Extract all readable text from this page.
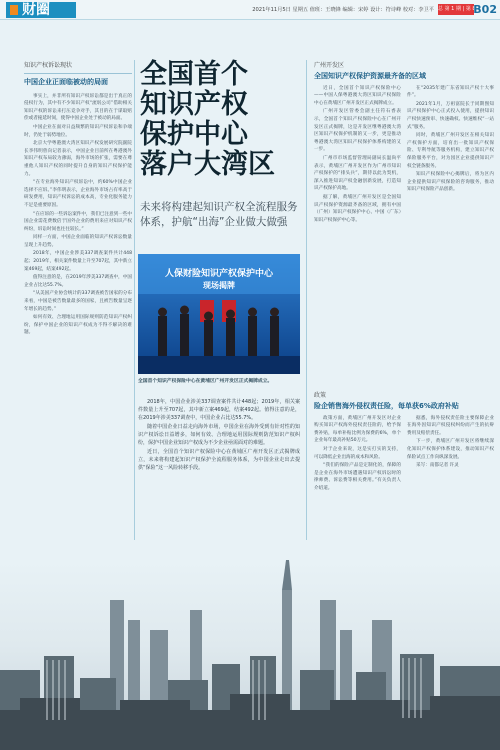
财圈	2021年11月5日 星期五 值班：王晓锋 编辑：宋婷 设计：符诗峰 校对：李卫平 总 第 1 期 | 第 8 版
B02
知识产权诉讼现状
中国企业正面临被动的局面

事实上，并非所有知识产权诉讼都是出于真正的侵权行为，其中有不少知识产权“流氓公司”借助相关知识产权的诉讼来打压竞争对手，其目的在于谋取赔偿或者拖延时间，使得中国企业处于被动的局面。

中国企业在面对日益频繁的知识产权诉讼和争端时，仍处于弱势地位。

北京大学粤港澳大湾区知识产权发展研究院副院长李伟明曾向记者表示，中国企业目前所在粤港澳外知识产权布局较为薄弱，海外市场的扩张，需要在尊重他人知识产权的同时提升自身的知识产权保护能力。

“在专业海外知识产权诉讼中，约60%中国企业选择不应诉。”李伟明表示，企业海外市场占有率高于研发费用，知识产权诉讼的成本高，专业化服务能力不足是重要原因。

“在应诉的一些诉讼案件中，我们已注意到一些中国企业需花费数倍于国外企业的费用来应对知识产权纠纷，诉讼时间也往往较长。”

同样一方面，中国企业面临的知识产权诉讼数量呈现上升趋势。

2018年，中国企业涉美337调查案件共计448起；2019年，相关案件数量上升至707起，其中新立案469起，结案492起。

值得注意的是，在2019年涉美337调查中，中国企业占比达55.7%。

“从美国产业协会统计的337调查被告国家的分布来看，中国是被告数量最多的国家，且被告数量呈逐年增长的趋势。”

如何有效、合理地运用国际规则防范知识产权纠纷，保护中国企业的知识产权成为不得不解决的难题。

全国首个
知识产权
保护中心
落户大湾区
未来将构建起知识产权全流程服务体系，护航“出海”企业做大做强
人保财险知识产权保护中心
现场揭牌
全国首个知识产权保险中心在黄埔区广州开发区正式揭牌成立。

2018年，中国企业涉美337调查案件共计448起；2019年，相关案件数量上升至707起，其中新立案469起，结案492起。值得注意的是，在2019年涉美337调查中，中国企业占比达55.7%。

随着中国企业日益走向海外市场，中国企业在海外受到有针对性的知识产权诉讼日益增多，如何有效、合理地运用国际规则防范知识产权纠纷，保护中国企业知识产权成为不少企业亟需面对的难题。

近日，全国首个知识产权保险中心在黄埔区广州开发区正式揭牌成立，未来将构建起知识产权保护全流程服务体系，为中国企业走出去提供“保险”这一风险转移手段。

广州开发区
全国知识产权保护资源最齐备的区域

近日，全国首个知识产权保险中心——中国人保粤港澳大湾区知识产权保险中心在黄埔区广州开发区正式揭牌成立。

广州开发区管委会副主任符石香表示，全国首个知识产权保险中心在广州开发区正式揭牌，这是开发区继粤港澳大湾区知识产权保护机制的又一步，更是推动粤港澳大湾区知识产权保护体系构建的又一步。

广州市市场监督管理局副局长温尚平表示，黄埔区广州开发区作为广州市知识产权保护的“排头兵”，期待以此为契机，深入推进知识产权金融创新发展，打造知识产权保护高地。

据了解，黄埔区广州开发区是全国知识产权保护资源最齐备的区域，拥有中国（广州）知识产权保护中心、中国（广东）知识产权保护中心等。

在“2035年建广东省知识产权十大事件”。

2021年1月，万祖富院长于同期图知识产权保护中心正式投入使用，提供知识产权快速预审、快速确权、快速维权“一站式”服务。

同时，黄埔区广州开发区在相关知识产权保护方面，培育出一批知识产权保险、专利导航等服务机构，建立知识产权保险服务平台，对为园区企业提供知识产权全链条服务。

知识产权保险中心揭牌后，将为区内企业提供知识产权保险的咨询服务，推动知识产权保险产品创新。

政策
险企销售海外侵权责任险，每单获6%政府补贴

政策方面，黄埔区广州开发区对企业购买知识产权海外侵权责任险的，给予保费补贴，每单补贴比例为保费的6%，单个企业每年最高补贴50万元。

对于企业来说，这是实打实的支持，可以降低企业出海的成本和风险。

“我们的保险产品是定制化的，保障的是企业在海外市场遭遇知识产权诉讼时的律师费、诉讼费等相关费用。”有关负责人介绍道。

据悉，海外侵权责任险主要保障企业在海外因知识产权侵权纠纷而产生的抗辩费用及赔偿责任。

下一步，黄埔区广州开发区将继续深化知识产权保护体系建设，推动知识产权保险试点工作向纵深发展。

采写：南都记者 许灵
